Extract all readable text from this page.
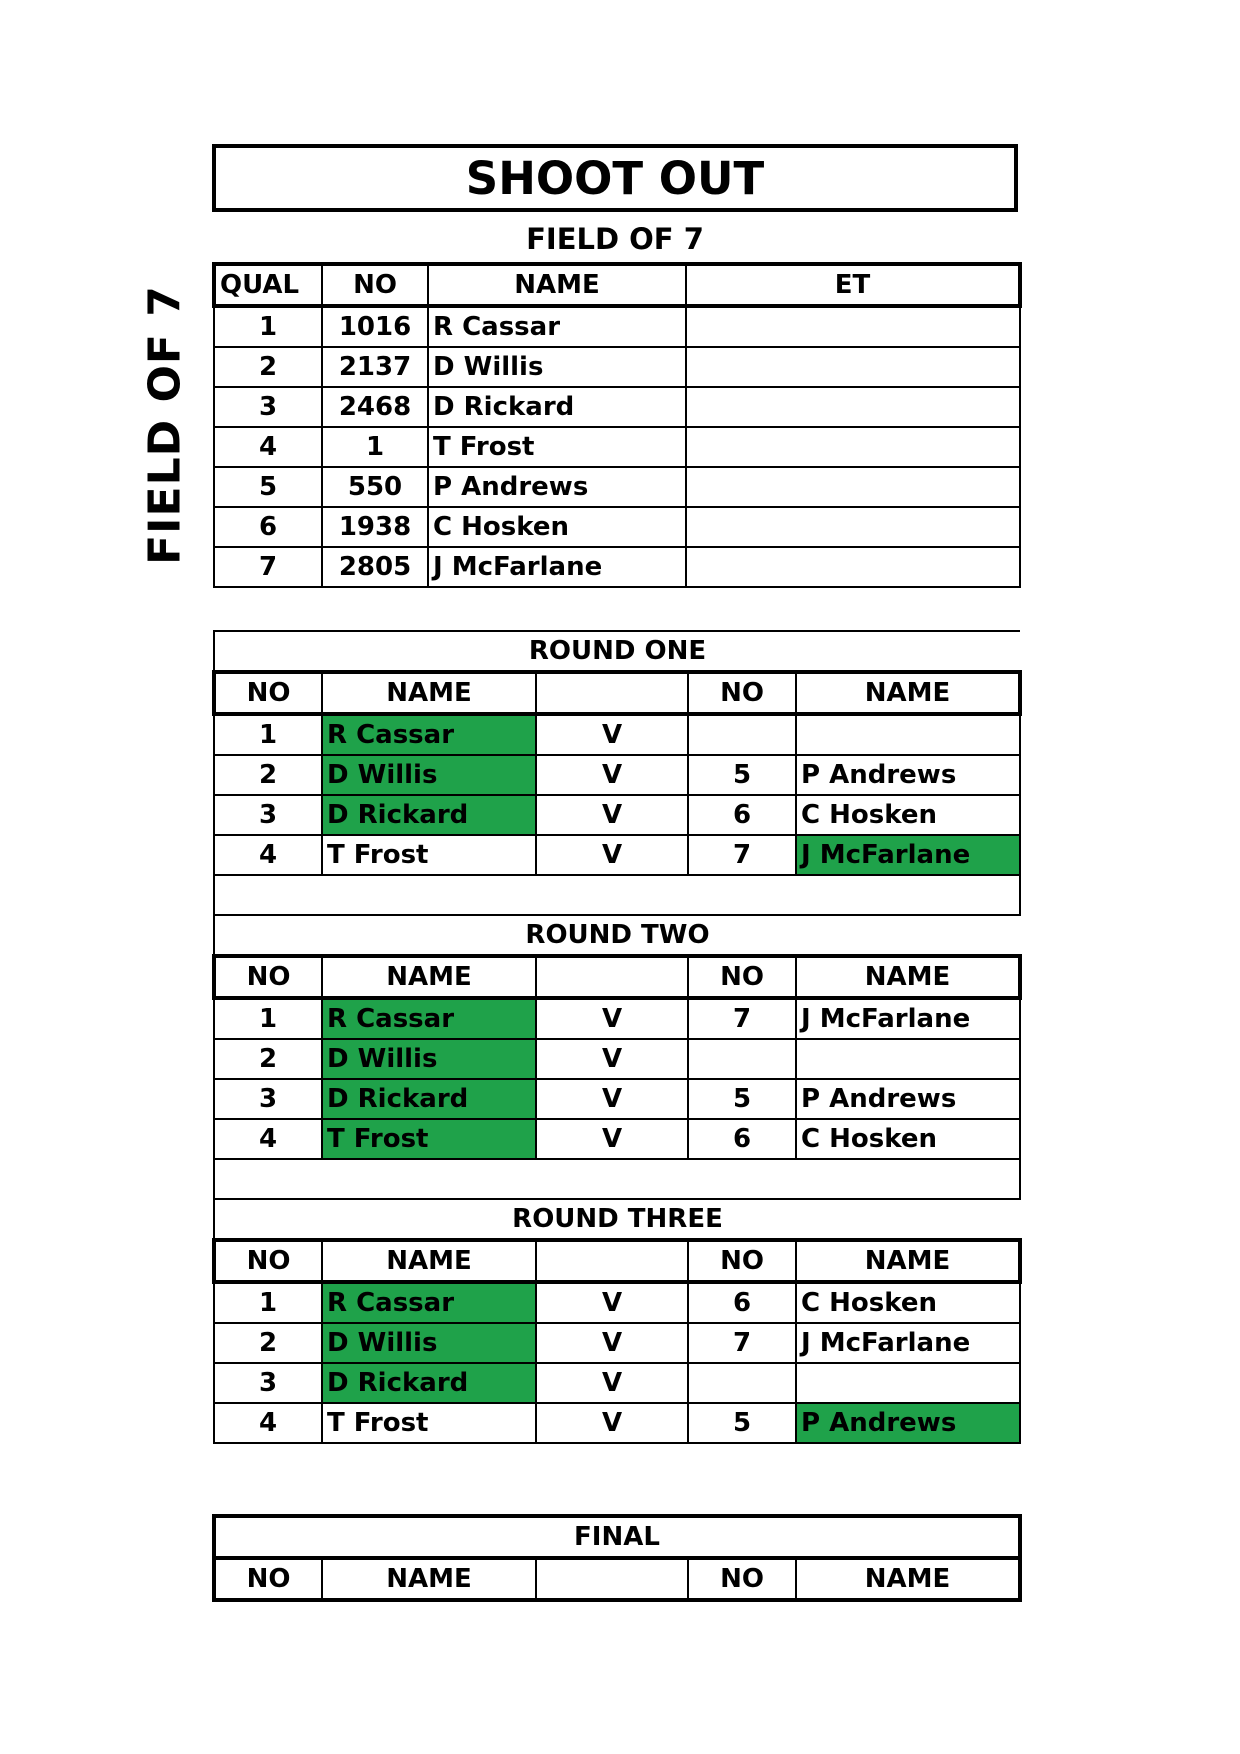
FIELD OF 7
SHOOT OUT
FIELD OF 7
QUAL	NO	NAME	ET
1	1016	R Cassar	
2	2137	D Willis	
3	2468	D Rickard	
4	1	T Frost	
5	550	P Andrews	
6	1938	C Hosken	
7	2805	J McFarlane	
ROUND ONE				
NO	NAME		NO	NAME
1	R Cassar	V		
2	D Willis	V	5	P Andrews
3	D Rickard	V	6	C Hosken
4	T Frost	V	7	J McFarlane

ROUND TWO				
NO	NAME		NO	NAME
1	R Cassar	V	7	J McFarlane
2	D Willis	V		
3	D Rickard	V	5	P Andrews
4	T Frost	V	6	C Hosken

ROUND THREE				
NO	NAME		NO	NAME
1	R Cassar	V	6	C Hosken
2	D Willis	V	7	J McFarlane
3	D Rickard	V		
4	T Frost	V	5	P Andrews
FINAL
NO	NAME		NO	NAME
